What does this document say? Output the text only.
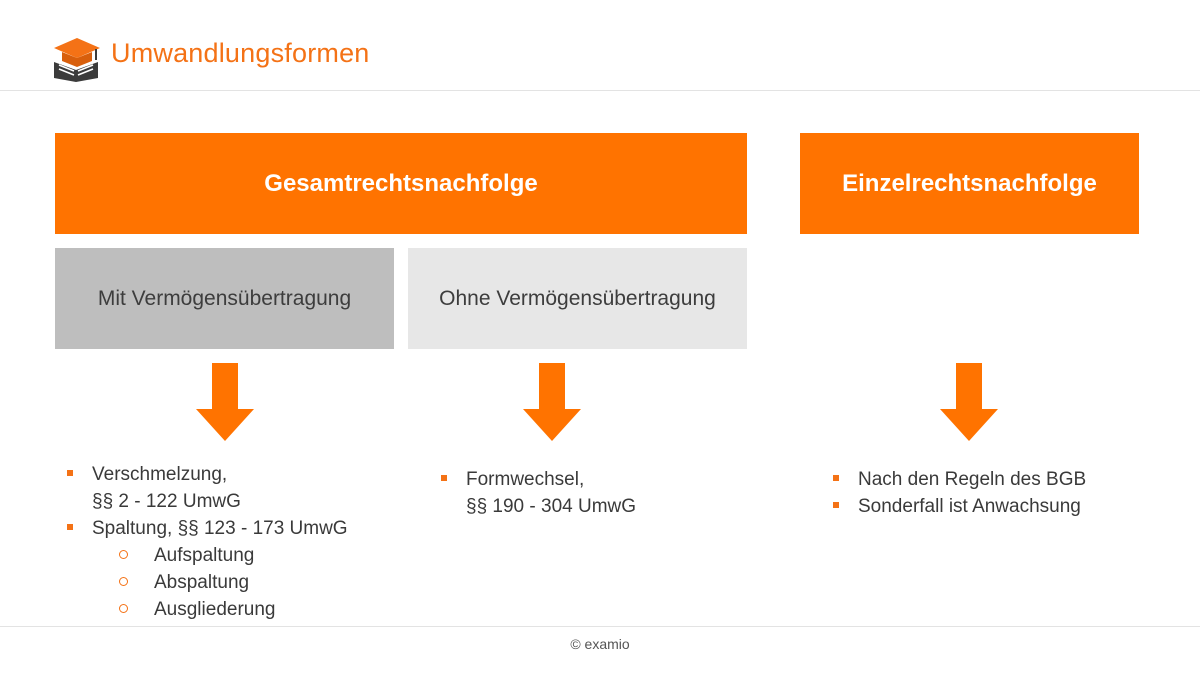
Umwandlungsformen
Gesamtrechtsnachfolge	Einzelrechtsnachfolge
Mit Vermögensübertragung	Ohne Vermögensübertragung
Verschmelzung,
§§ 2 - 122 UmwG
Spaltung, §§ 123 - 173 UmwG
Aufspaltung
Abspaltung
Ausgliederung
Formwechsel,
§§ 190 - 304 UmwG
Nach den Regeln des BGB
Sonderfall ist Anwachsung
© examio
